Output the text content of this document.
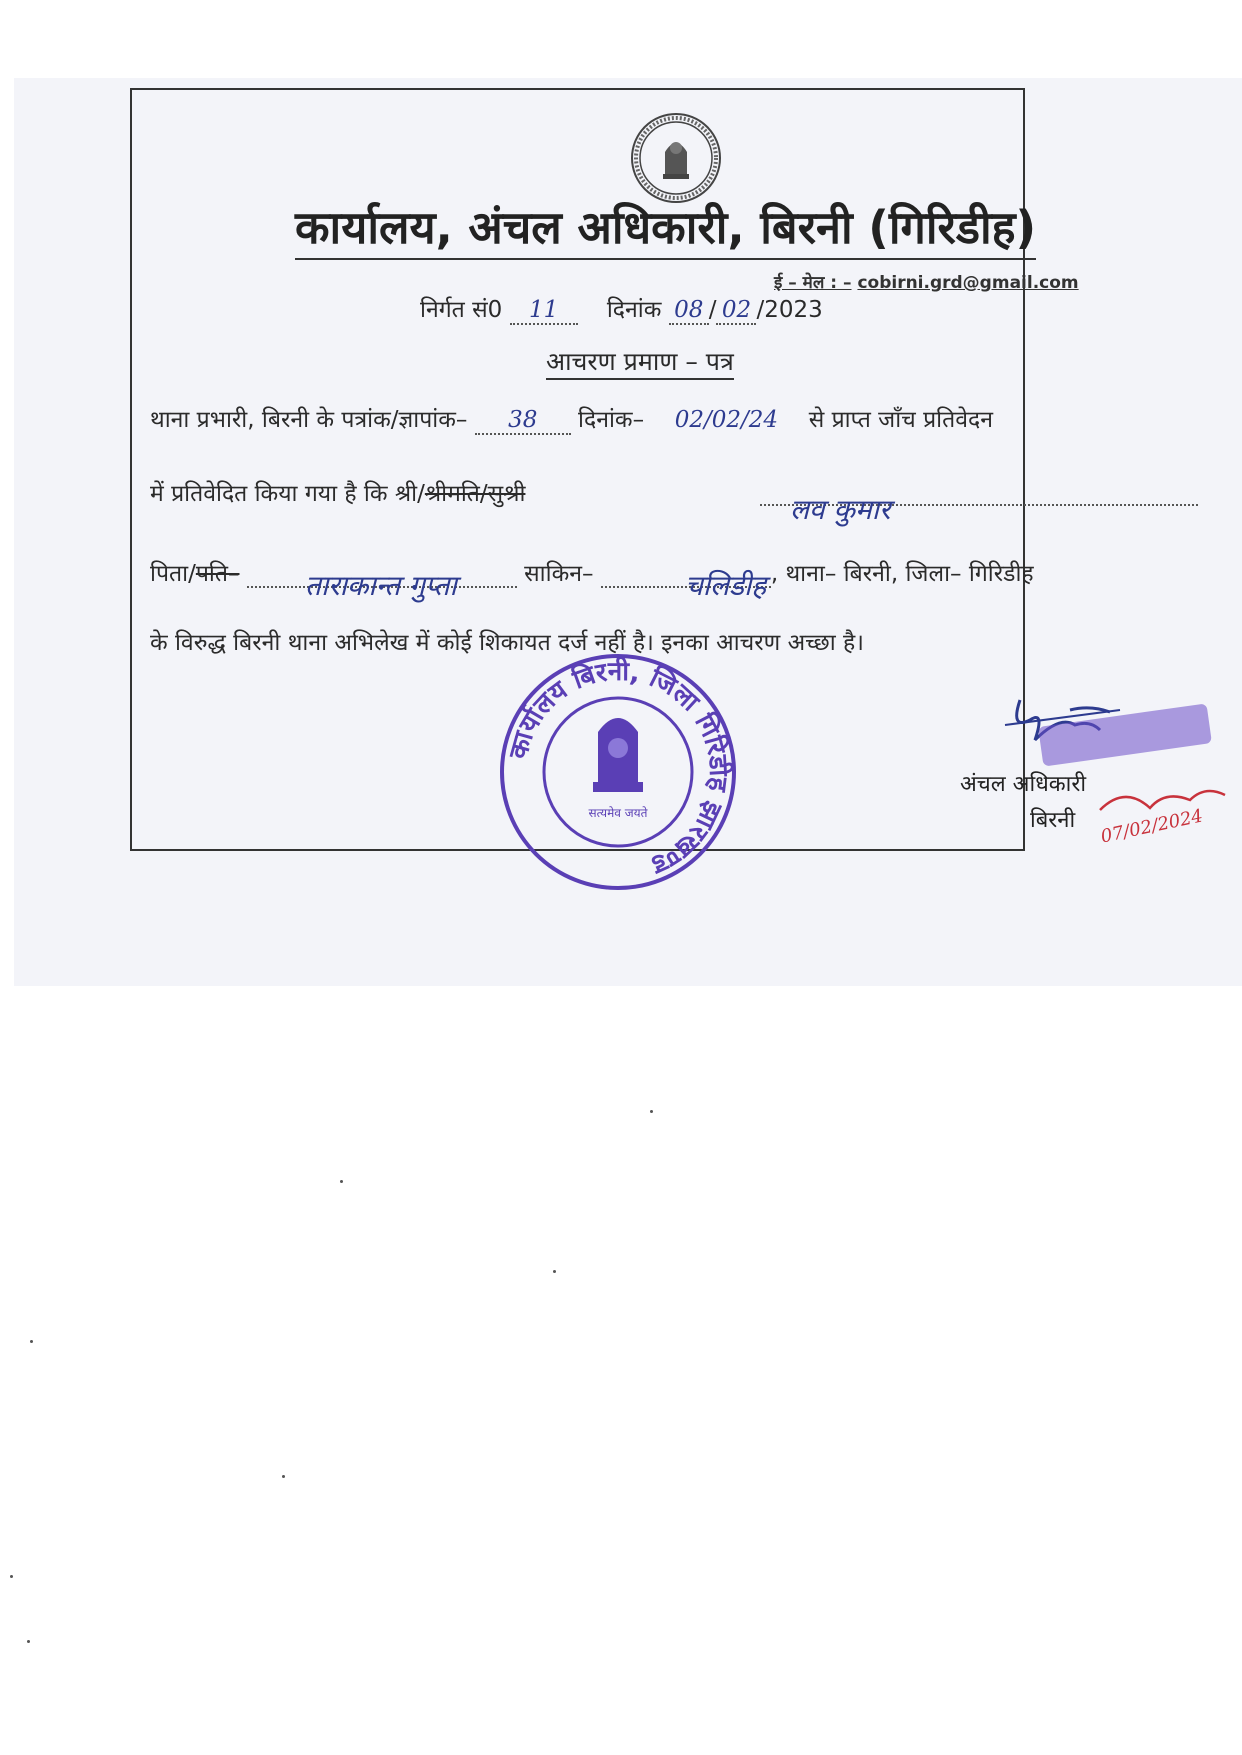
कार्यालय, अंचल अधिकारी, बिरनी (गिरिडीह)
ई – मेल : – cobirni.grd@gmail.com
निर्गत सं0 11 दिनांक 08 / 02 /2023
आचरण प्रमाण – पत्र
थाना प्रभारी, बिरनी के पत्रांक/ज्ञापांक– 38 दिनांक– 02/02/24 से प्राप्त जाँच प्रतिवेदन
में प्रतिवेदित किया गया है कि श्री/श्रीमति/सुश्री	लव कुमार
पिता/पति–	साकिन–	, थाना– बिरनी, जिला– गिरिडीह
ताराकान्त गुप्ता	चलिडीह
के विरुद्ध बिरनी थाना अभिलेख में कोई शिकायत दर्ज नहीं है। इनका आचरण अच्छा है।
कार्यालय बिरनी, जिला गिरिडीह झारखण्ड
सत्यमेव जयते
अंचल अधिकारी
बिरनी 07/02/2024
